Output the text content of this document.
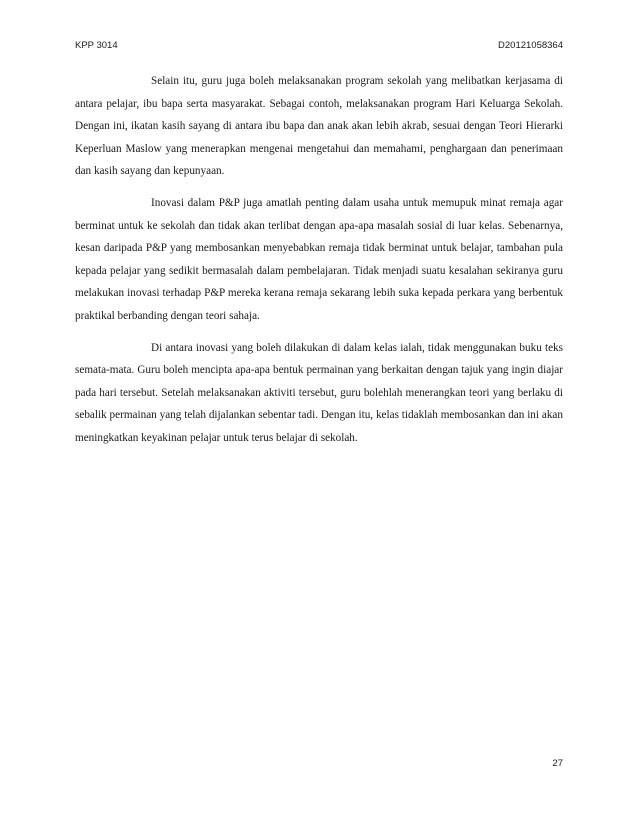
KPP 3014	D20121058364

Selain itu, guru juga boleh melaksanakan program sekolah yang melibatkan kerjasama di antara pelajar, ibu bapa serta masyarakat. Sebagai contoh, melaksanakan program Hari Keluarga Sekolah. Dengan ini, ikatan kasih sayang di antara ibu bapa dan anak akan lebih akrab, sesuai dengan Teori Hierarki Keperluan Maslow yang menerapkan mengenai mengetahui dan memahami, penghargaan dan penerimaan dan kasih sayang dan kepunyaan.

Inovasi dalam P&P juga amatlah penting dalam usaha untuk memupuk minat remaja agar berminat untuk ke sekolah dan tidak akan terlibat dengan apa-apa masalah sosial di luar kelas. Sebenarnya, kesan daripada P&P yang membosankan menyebabkan remaja tidak berminat untuk belajar, tambahan pula kepada pelajar yang sedikit bermasalah dalam pembelajaran. Tidak menjadi suatu kesalahan sekiranya guru melakukan inovasi terhadap P&P mereka kerana remaja sekarang lebih suka kepada perkara yang berbentuk praktikal berbanding dengan teori sahaja.

Di antara inovasi yang boleh dilakukan di dalam kelas ialah, tidak menggunakan buku teks semata-mata. Guru boleh mencipta apa-apa bentuk permainan yang berkaitan dengan tajuk yang ingin diajar pada hari tersebut. Setelah melaksanakan aktiviti tersebut, guru bolehlah menerangkan teori yang berlaku di sebalik permainan yang telah dijalankan sebentar tadi. Dengan itu, kelas tidaklah membosankan dan ini akan meningkatkan keyakinan pelajar untuk terus belajar di sekolah.

27
